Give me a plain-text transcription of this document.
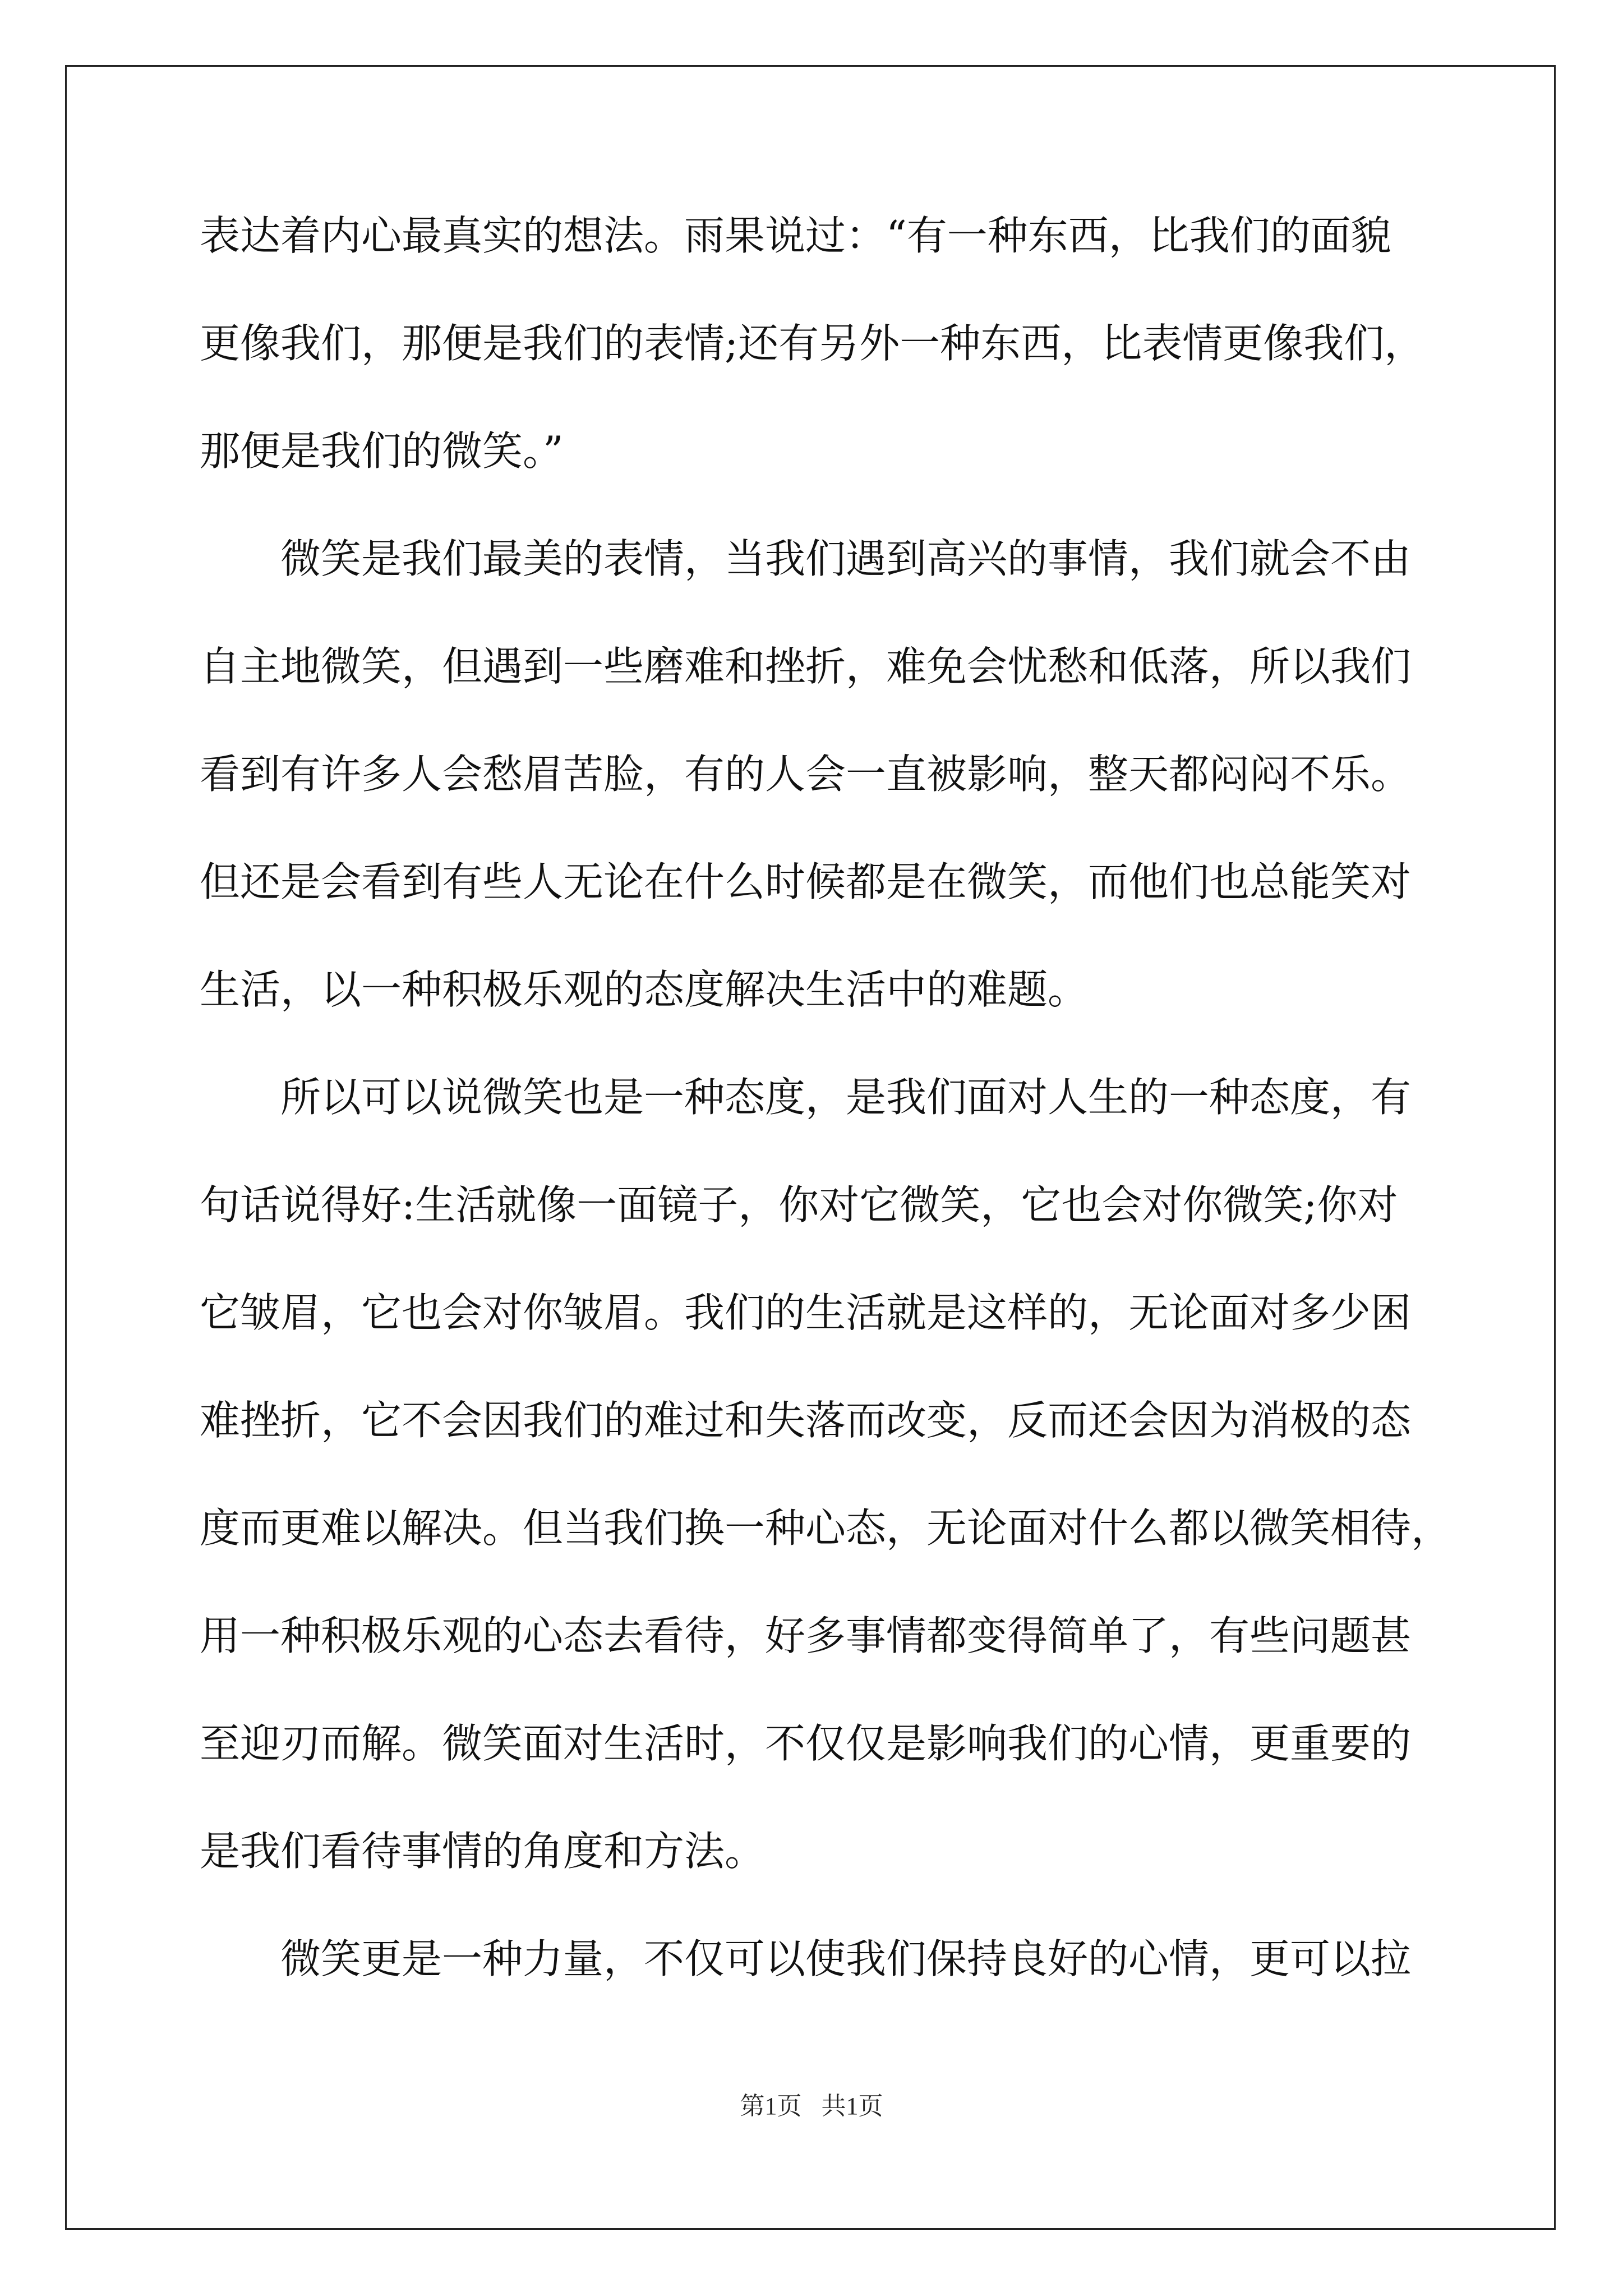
表达着内心最真实的想法。雨果说过：“有一种东西，比我们的面貌
更像我们，那便是我们的表情;还有另外一种东西，比表情更像我们，
那便是我们的微笑。”
微笑是我们最美的表情，当我们遇到高兴的事情，我们就会不由
自主地微笑，但遇到一些磨难和挫折，难免会忧愁和低落，所以我们
看到有许多人会愁眉苦脸，有的人会一直被影响，整天都闷闷不乐。
但还是会看到有些人无论在什么时候都是在微笑，而他们也总能笑对
生活，以一种积极乐观的态度解决生活中的难题。
所以可以说微笑也是一种态度，是我们面对人生的一种态度，有
句话说得好:生活就像一面镜子，你对它微笑，它也会对你微笑;你对
它皱眉，它也会对你皱眉。我们的生活就是这样的，无论面对多少困
难挫折，它不会因我们的难过和失落而改变，反而还会因为消极的态
度而更难以解决。但当我们换一种心态，无论面对什么都以微笑相待，
用一种积极乐观的心态去看待，好多事情都变得简单了，有些问题甚
至迎刃而解。微笑面对生活时，不仅仅是影响我们的心情，更重要的
是我们看待事情的角度和方法。
微笑更是一种力量，不仅可以使我们保持良好的心情，更可以拉
第1页 共1页
